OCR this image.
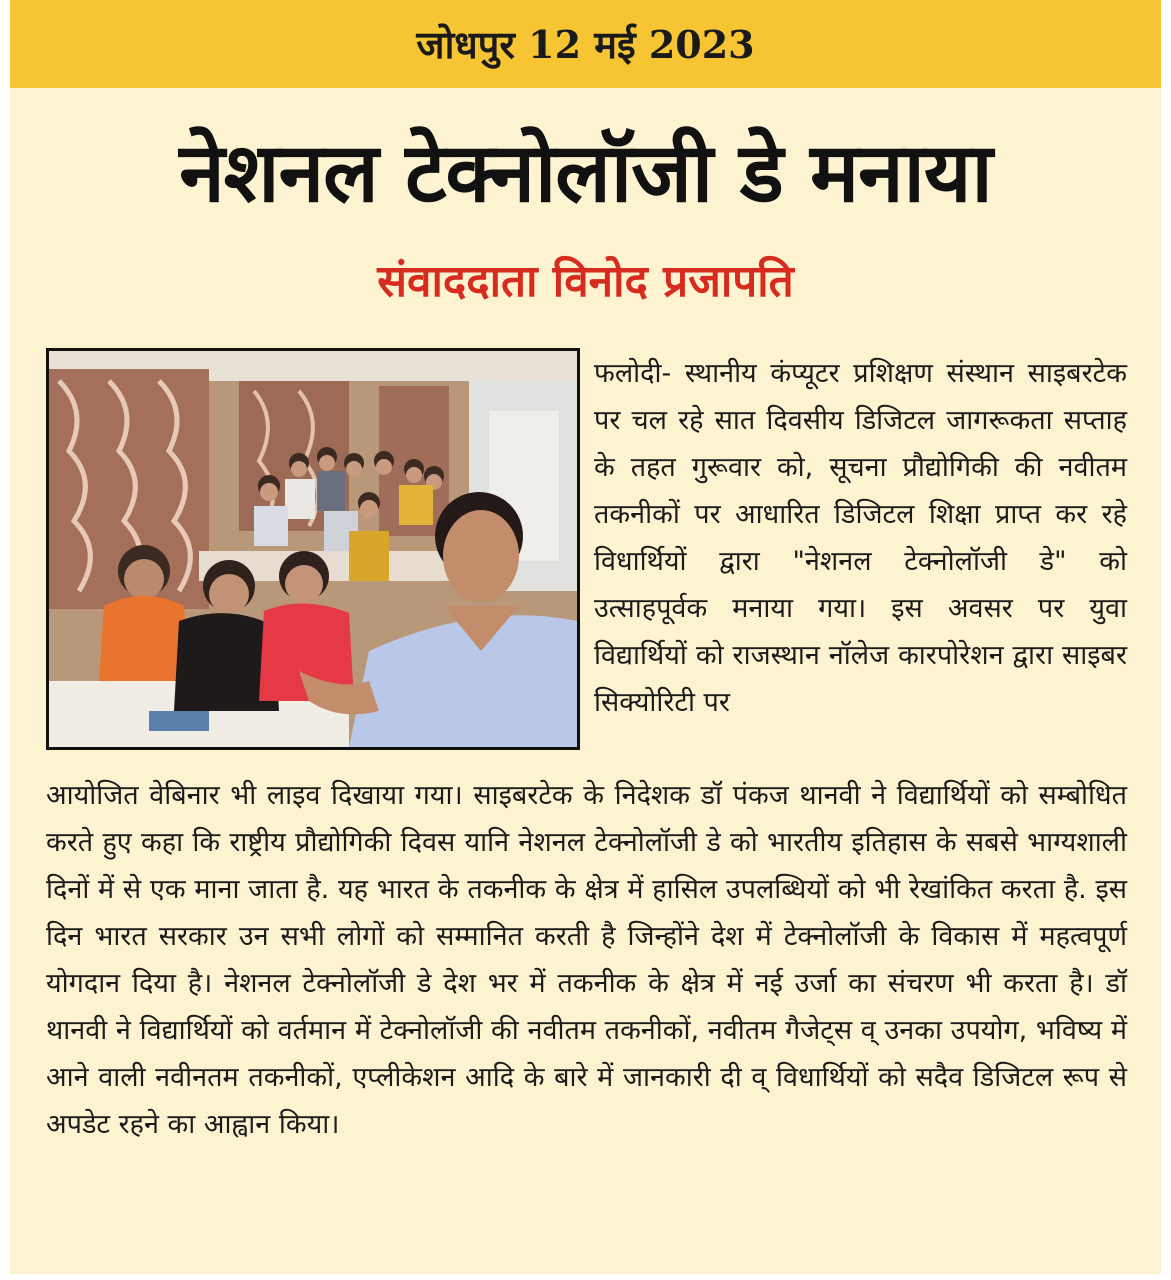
जोधपुर 12 मई 2023
नेशनल टेक्नोलॉजी डे मनाया
संवाददाता विनोद प्रजापति
फलोदी- स्थानीय कंप्यूटर प्रशिक्षण संस्थान साइबरटेक पर चल रहे सात दिवसीय डिजिटल जागरूकता सप्ताह के तहत गुरूवार को, सूचना प्रौद्योगिकी की नवीतम तकनीकों पर आधारित डिजिटल शिक्षा प्राप्त कर रहे विधार्थियों द्वारा "नेशनल टेक्नोलॉजी डे" को उत्साहपूर्वक मनाया गया। इस अवसर पर युवा विद्यार्थियों को राजस्थान नॉलेज कारपोरेशन द्वारा साइबर सिक्योरिटी पर
आयोजित वेबिनार भी लाइव दिखाया गया। साइबरटेक के निदेशक डॉ पंकज थानवी ने विद्यार्थियों को सम्बोधित करते हुए कहा कि राष्ट्रीय प्रौद्योगिकी दिवस यानि नेशनल टेक्नोलॉजी डे को भारतीय इतिहास के सबसे भाग्यशाली दिनों में से एक माना जाता है. यह भारत के तकनीक के क्षेत्र में हासिल उपलब्धियों को भी रेखांकित करता है. इस दिन भारत सरकार उन सभी लोगों को सम्मानित करती है जिन्होंने देश में टेक्नोलॉजी के विकास में महत्वपूर्ण योगदान दिया है। नेशनल टेक्नोलॉजी डे देश भर में तकनीक के क्षेत्र में नई उर्जा का संचरण भी करता है। डॉ थानवी ने विद्यार्थियों को वर्तमान में टेक्नोलॉजी की नवीतम तकनीकों, नवीतम गैजेट्स व् उनका उपयोग, भविष्य में आने वाली नवीनतम तकनीकों, एप्लीकेशन आदि के बारे में जानकारी दी व् विधार्थियों को सदैव डिजिटल रूप से अपडेट रहने का आह्वान किया।
